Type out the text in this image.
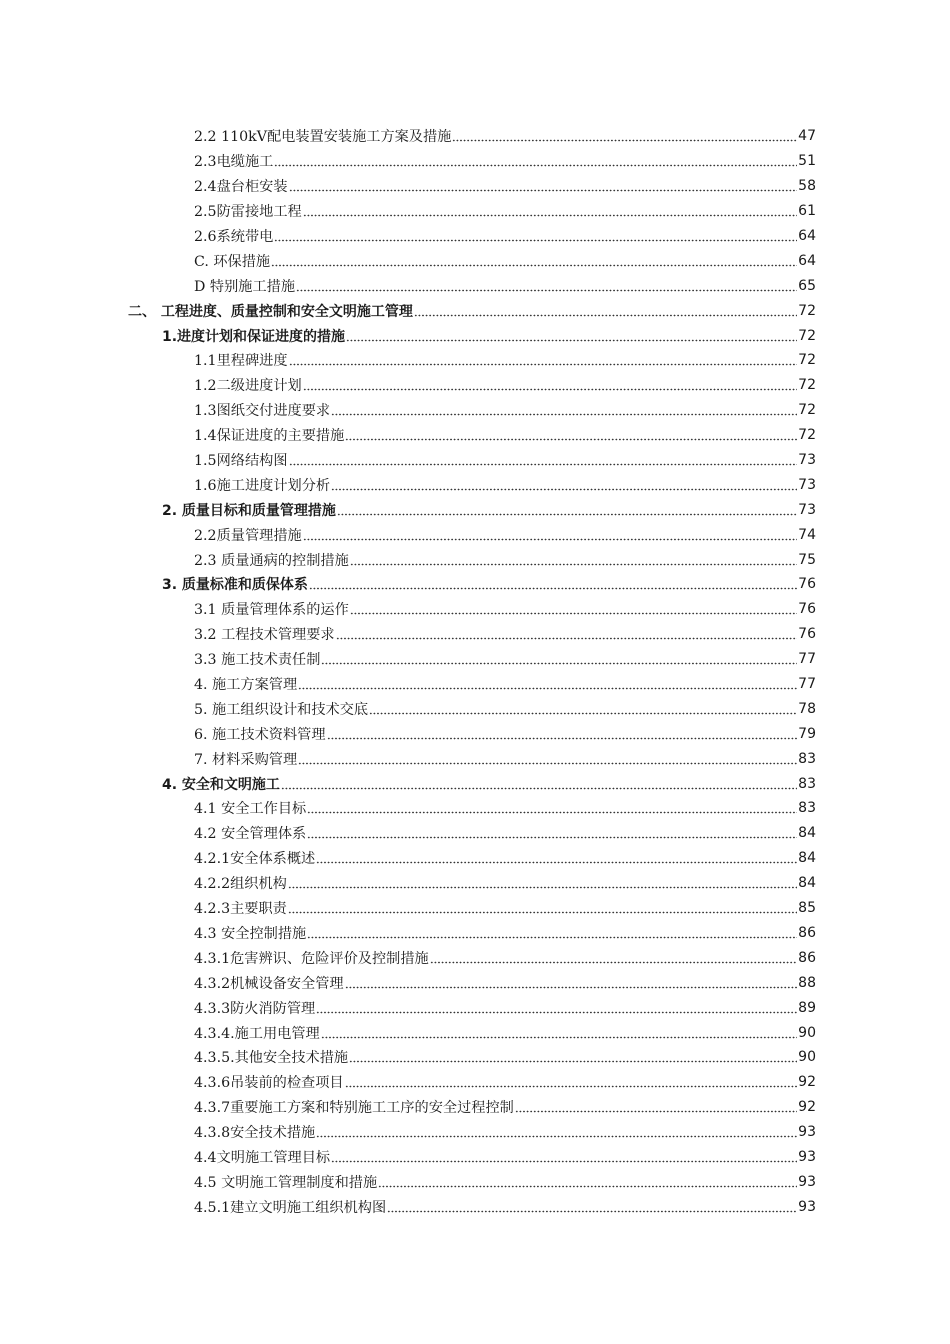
2.2 110kV配电装置安装施工方案及措施	47
2.3电缆施工	51
2.4盘台柜安装	58
2.5防雷接地工程	61
2.6系统带电	64
C. 环保措施	64
D 特别施工措施	65
二、 工程进度、质量控制和安全文明施工管理	72
1.进度计划和保证进度的措施	72
1.1里程碑进度	72
1.2二级进度计划	72
1.3图纸交付进度要求	72
1.4保证进度的主要措施	72
1.5网络结构图	73
1.6施工进度计划分析	73
2. 质量目标和质量管理措施	73
2.2质量管理措施	74
2.3 质量通病的控制措施	75
3. 质量标准和质保体系	76
3.1 质量管理体系的运作	76
3.2 工程技术管理要求	76
3.3 施工技术责任制	77
4. 施工方案管理	77
5. 施工组织设计和技术交底	78
6. 施工技术资料管理	79
7. 材料采购管理	83
4. 安全和文明施工	83
4.1 安全工作目标	83
4.2 安全管理体系	84
4.2.1安全体系概述	84
4.2.2组织机构	84
4.2.3主要职责	85
4.3 安全控制措施	86
4.3.1危害辨识、危险评价及控制措施	86
4.3.2机械设备安全管理	88
4.3.3防火消防管理	89
4.3.4.施工用电管理	90
4.3.5.其他安全技术措施	90
4.3.6吊装前的检查项目	92
4.3.7重要施工方案和特别施工工序的安全过程控制	92
4.3.8安全技术措施	93
4.4文明施工管理目标	93
4.5 文明施工管理制度和措施	93
4.5.1建立文明施工组织机构图	93
